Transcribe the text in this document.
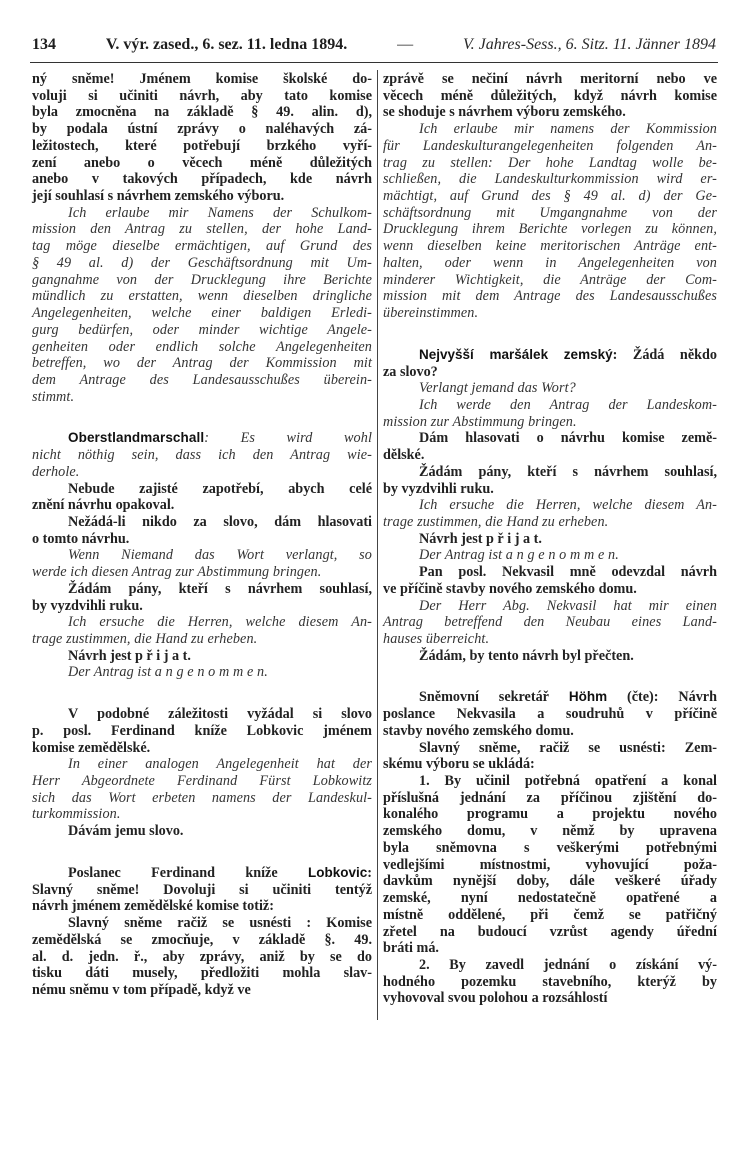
134	V. výr. zased., 6. sez. 11. ledna 1894.	—	V. Jahres-Sess., 6. Sitz. 11. Jänner 1894
ný sněme! Jménem komise školské do-
voluji si učiniti návrh, aby tato komise
byla zmocněna na základě § 49. alin. d),
by podala ústní zprávy o naléhavých zá-
ležitostech, které potřebují brzkého vyří-
zení anebo o věcech méně důležitých
anebo v takových případech, kde návrh
její souhlasí s návrhem zemského výboru.
Ich erlaube mir Namens der Schulkom-
mission den Antrag zu stellen, der hohe Land-
tag möge dieselbe ermächtigen, auf Grund des
§ 49 al. d) der Geschäftsordnung mit Um-
gangnahme von der Drucklegung ihre Berichte
mündlich zu erstatten, wenn dieselben dringliche
Angelegenheiten, welche einer baldigen Erledi-
gurg bedürfen, oder minder wichtige Angele-
genheiten oder endlich solche Angelegenheiten
betreffen, wo der Antrag der Kommission mit
dem Antrage des Landesausschußes überein-
stimmt.
Oberstlandmarschall: Es wird wohl
nicht nöthig sein, dass ich den Antrag wie-
derhole.
Nebude zajisté zapotřebí, abych celé
znění návrhu opakoval.
Nežádá-li nikdo za slovo, dám hlasovati
o tomto návrhu.
Wenn Niemand das Wort verlangt, so
werde ich diesen Antrag zur Abstimmung bringen.
Žádám pány, kteří s návrhem souhlasí,
by vyzdvihli ruku.
Ich ersuche die Herren, welche diesem An-
trage zustimmen, die Hand zu erheben.
Návrh jest p ř i j a t.
Der Antrag ist a n g e n o m m e n.
V podobné záležitosti vyžádal si slovo
p. posl. Ferdinand kníže Lobkovic jménem
komise zemědělské.
In einer analogen Angelegenheit hat der
Herr Abgeordnete Ferdinand Fürst Lobkowitz
sich das Wort erbeten namens der Landeskul-
turkommission.
Dávám jemu slovo.
Poslanec Ferdinand kníže Lobkovic:
Slavný sněme! Dovoluji si učiniti tentýž
návrh jménem zemědělské komise totiž:
Slavný sněme račiž se usnésti : Komise
zemědělská se zmocňuje, v základě §. 49.
al. d. jedn. ř., aby zprávy, aniž by se do
tisku dáti musely, předložiti mohla slav-
nému sněmu v tom případě, když ve
zprávě se nečiní návrh meritorní nebo ve
věcech méně důležitých, když návrh komise
se shoduje s návrhem výboru zemského.
Ich erlaube mir namens der Kommission
für Landeskulturangelegenheiten folgenden An-
trag zu stellen: Der hohe Landtag wolle be-
schließen, die Landeskulturkommission wird er-
mächtigt, auf Grund des § 49 al. d) der Ge-
schäftsordnung mit Umgangnahme von der
Drucklegung ihrem Berichte vorlegen zu können,
wenn dieselben keine meritorischen Anträge ent-
halten, oder wenn in Angelegenheiten von
minderer Wichtigkeit, die Anträge der Com-
mission mit dem Antrage des Landesausschußes
übereinstimmen.
Nejvyšší maršálek zemský: Žádá někdo
za slovo?
Verlangt jemand das Wort?
Ich werde den Antrag der Landeskom-
mission zur Abstimmung bringen.
Dám hlasovati o návrhu komise země-
dělské.
Žádám pány, kteří s návrhem souhlasí,
by vyzdvihli ruku.
Ich ersuche die Herren, welche diesem An-
trage zustimmen, die Hand zu erheben.
Návrh jest p ř i j a t.
Der Antrag ist a n g e n o m m e n.
Pan posl. Nekvasil mně odevzdal návrh
ve příčině stavby nového zemského domu.
Der Herr Abg. Nekvasil hat mir einen
Antrag betreffend den Neubau eines Land-
hauses überreicht.
Žádám, by tento návrh byl přečten.
Sněmovní sekretář Höhm (čte): Návrh
poslance Nekvasila a soudruhů v příčině
stavby nového zemského domu.
Slavný sněme, račiž se usnésti: Zem-
skému výboru se ukládá:
1. By učinil potřebná opatření a konal
příslušná jednání za příčinou zjištění do-
konalého programu a projektu nového
zemského domu, v němž by upravena
byla sněmovna s veškerými potřebnými
vedlejšími místnostmi, vyhovující poža-
davkům nynější doby, dále veškeré úřady
zemské, nyní nedostatečně opatřené a
místně oddělené, při čemž se patřičný
zřetel na budoucí vzrůst agendy úřední
bráti má.
2. By zavedl jednání o získání vý-
hodného pozemku stavebního, kterýž by
vyhovoval svou polohou a rozsáhlostí
